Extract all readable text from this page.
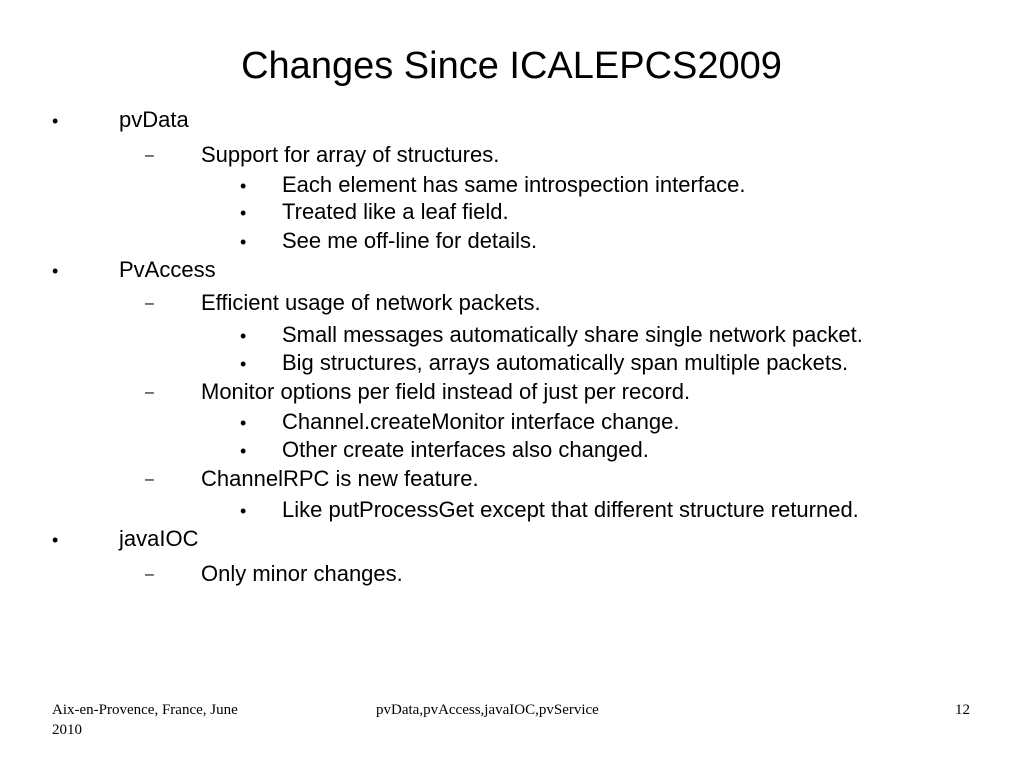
Changes Since ICALEPCS2009
•	pvData
– Support for array of structures.
• Each element has same introspection interface.
• Treated like a leaf field.
• See me off-line for details.
•	PvAccess
– Efficient usage of network packets.
• Small messages automatically share single network packet.
• Big structures, arrays automatically span multiple packets.
– Monitor options per field instead of just per record.
• Channel.createMonitor interface change.
• Other create interfaces also changed.
– ChannelRPC is new feature.
• Like putProcessGet except that different structure returned.
•	javaIOC
– Only minor changes.
Aix-en-Provence, France, June
2010
pvData,pvAccess,javaIOC,pvService	12
